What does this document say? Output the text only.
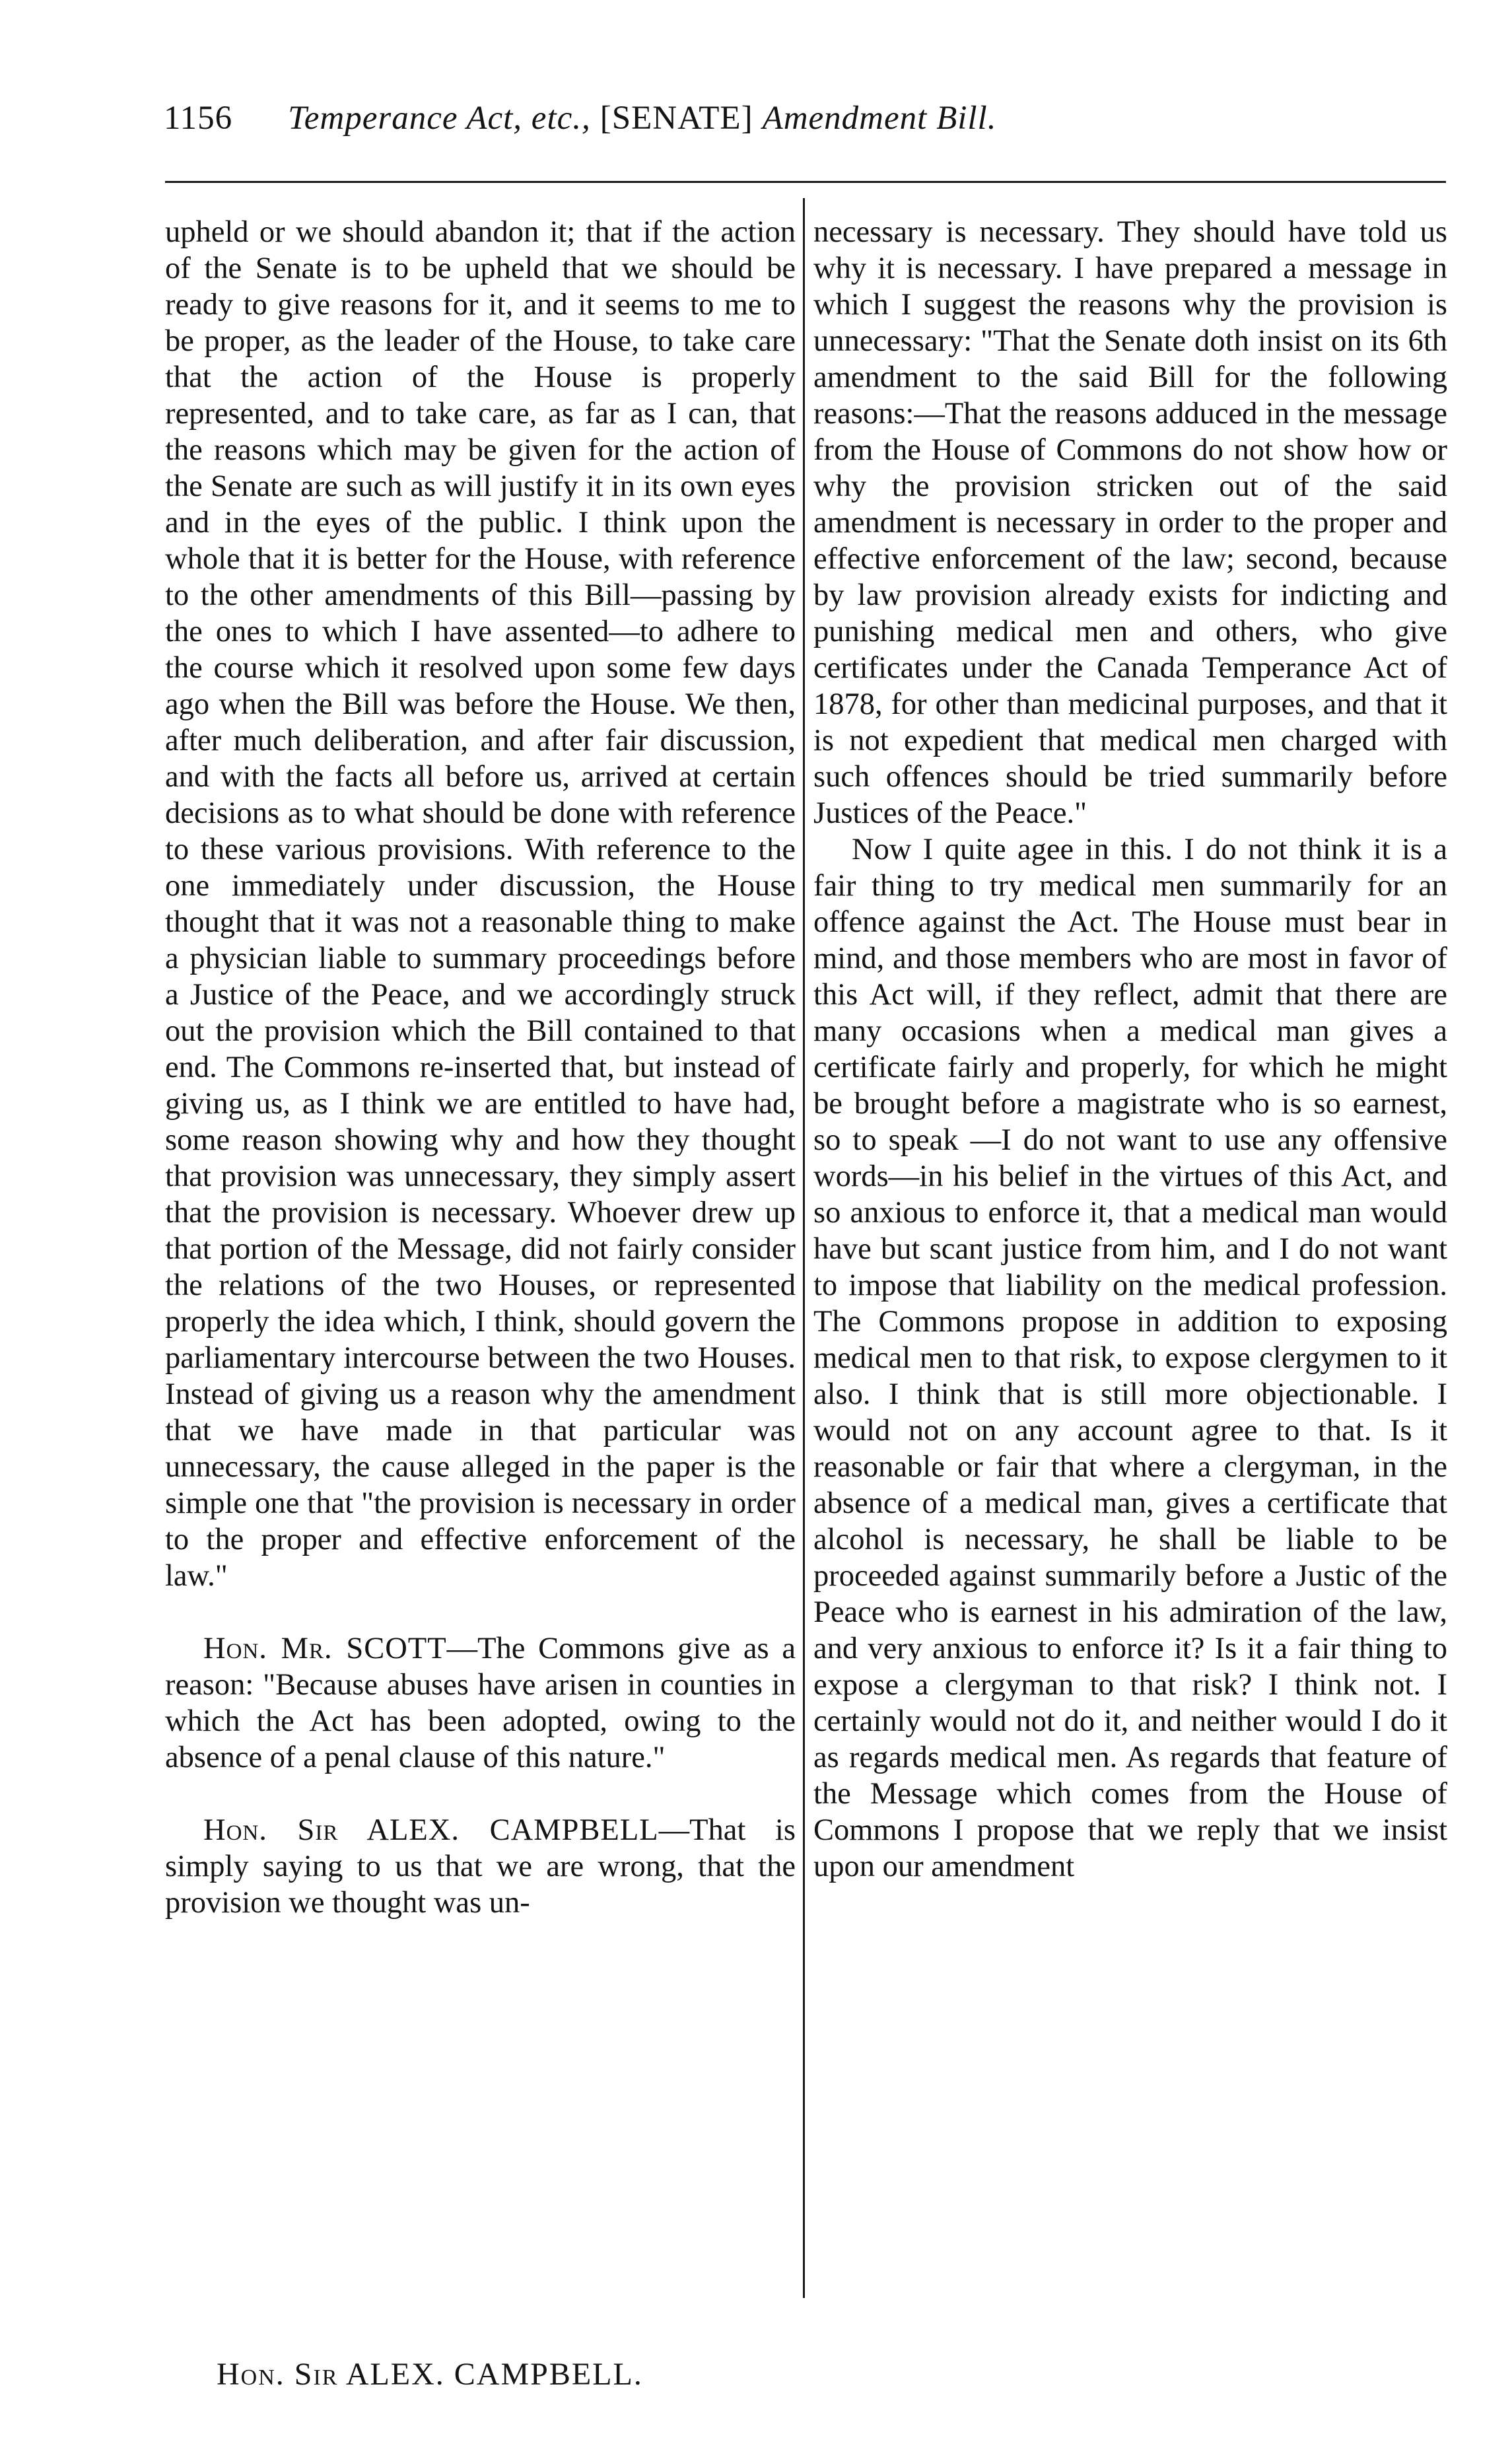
1156 Temperance Act, etc., [SENATE] Amendment Bill.

upheld or we should abandon it; that if the action of the Senate is to be upheld that we should be ready to give reasons for it, and it seems to me to be proper, as the leader of the House, to take care that the action of the House is properly represented, and to take care, as far as I can, that the reasons which may be given for the action of the Senate are such as will justify it in its own eyes and in the eyes of the public. I think upon the whole that it is better for the House, with reference to the other amendments of this Bill—passing by the ones to which I have assented—to adhere to the course which it resolved upon some few days ago when the Bill was before the House. We then, after much deliberation, and after fair discussion, and with the facts all before us, arrived at certain decisions as to what should be done with reference to these various provisions. With reference to the one immediately under discussion, the House thought that it was not a reasonable thing to make a physician liable to summary proceedings before a Justice of the Peace, and we accordingly struck out the provision which the Bill contained to that end. The Commons re-inserted that, but instead of giving us, as I think we are entitled to have had, some reason showing why and how they thought that provision was unnecessary, they simply assert that the provision is necessary. Whoever drew up that portion of the Message, did not fairly consider the relations of the two Houses, or represented properly the idea which, I think, should govern the parliamentary intercourse between the two Houses. Instead of giving us a reason why the amendment that we have made in that particular was unnecessary, the cause alleged in the paper is the simple one that "the provision is necessary in order to the proper and effective enforcement of the law."

Hon. Mr. SCOTT—The Commons give as a reason: "Because abuses have arisen in counties in which the Act has been adopted, owing to the absence of a penal clause of this nature."

Hon. Sir ALEX. CAMPBELL—That is simply saying to us that we are wrong, that the provision we thought was un-

necessary is necessary. They should have told us why it is necessary. I have prepared a message in which I suggest the reasons why the provision is unnecessary: "That the Senate doth insist on its 6th amendment to the said Bill for the following reasons:—That the reasons adduced in the message from the House of Commons do not show how or why the provision stricken out of the said amendment is necessary in order to the proper and effective enforcement of the law; second, because by law provision already exists for indicting and punishing medical men and others, who give certificates under the Canada Temperance Act of 1878, for other than medicinal purposes, and that it is not expedient that medical men charged with such offences should be tried summarily before Justices of the Peace."

Now I quite agee in this. I do not think it is a fair thing to try medical men summarily for an offence against the Act. The House must bear in mind, and those members who are most in favor of this Act will, if they reflect, admit that there are many occasions when a medical man gives a certificate fairly and properly, for which he might be brought before a magistrate who is so earnest, so to speak —I do not want to use any offensive words—in his belief in the virtues of this Act, and so anxious to enforce it, that a medical man would have but scant justice from him, and I do not want to impose that liability on the medical profession. The Commons propose in addition to exposing medical men to that risk, to expose clergymen to it also. I think that is still more objectionable. I would not on any account agree to that. Is it reasonable or fair that where a clergyman, in the absence of a medical man, gives a certificate that alcohol is necessary, he shall be liable to be proceeded against summarily before a Justic of the Peace who is earnest in his admiration of the law, and very anxious to enforce it? Is it a fair thing to expose a clergyman to that risk? I think not. I certainly would not do it, and neither would I do it as regards medical men. As regards that feature of the Message which comes from the House of Commons I propose that we reply that we insist upon our amendment

Hon. Sir ALEX. CAMPBELL.
